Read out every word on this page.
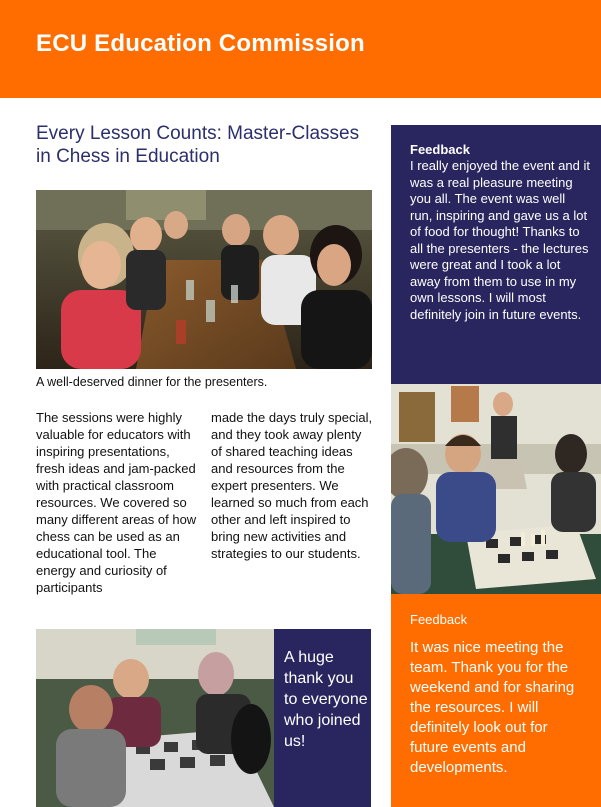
ECU Education Commission
Every Lesson Counts: Master-Classes in Chess in Education
A well-deserved dinner for the presenters.
The sessions were highly valuable for educators with inspiring presentations, fresh ideas and jam-packed with practical classroom resources. We covered so many different areas of how chess can be used as an educational tool. The energy and curiosity of participants
made the days truly special, and they took away plenty of shared teaching ideas and resources from the expert presenters. We learned so much from each other and left inspired to bring new activities and strategies to our students.
A huge thank you to everyone who joined us!
Feedback
I really enjoyed the event and it was a real pleasure meeting you all. The event was well run, inspiring and gave us a lot of food for thought! Thanks to all the presenters - the lectures were great and I took a lot away from them to use in my own lessons. I will most definitely join in future events.
Feedback
It was nice meeting the team. Thank you for the weekend and for sharing the resources. I will definitely look out for future events and developments.
